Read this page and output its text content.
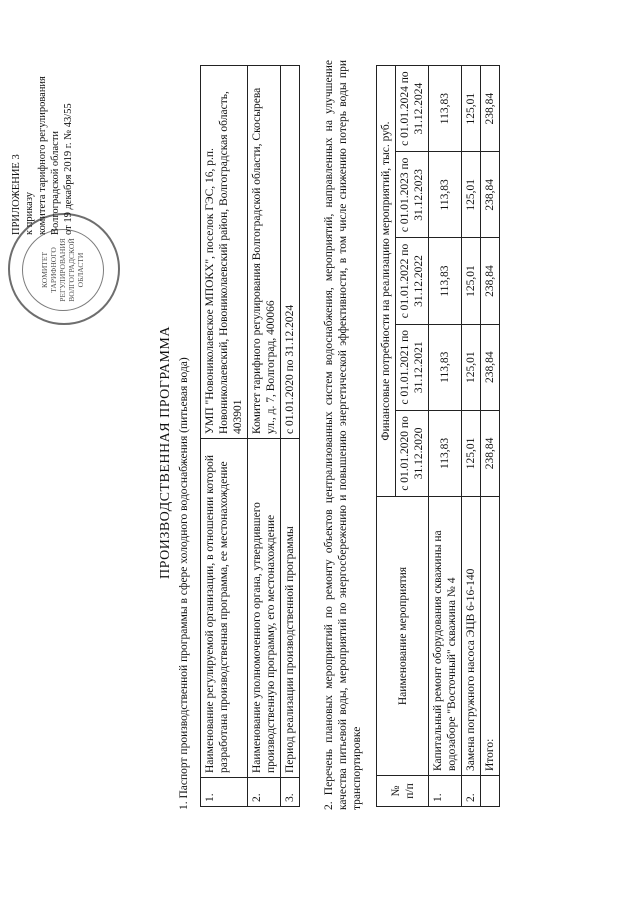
КОМИТЕТ ТАРИФНОГО РЕГУЛИРОВАНИЯ ВОЛГОГРАДСКОЙ ОБЛАСТИ
ПРИЛОЖЕНИЕ 3 к приказу комитета тарифного регулирования Волгоградской области от 19 декабря 2019 г. № 43/55
ПРОИЗВОДСТВЕННАЯ ПРОГРАММА 1. Паспорт производственной программы в сфере холодного водоснабжения (питьевая вода) 1.	Наименование регулируемой организации, в отношении которой разработана производственная программа, ее местонахождение	УМП "Новониколаевское МПОКХ", поселок ГЭС, 16, р.п. Новониколаевский, Новониколаевский район, Волгоградская область, 403901
2.	Наименование уполномоченного органа, утвердившего производственную программу, его местонахождение	Комитет тарифного регулирования Волгоградской области, Скосырева ул., д. 7, Волгоград, 400066
3.	Период реализации производственной программы	с 01.01.2020 по 31.12.2024 2. Перечень плановых мероприятий по ремонту объектов централизованных систем водоснабжения, мероприятий, направленных на улучшение качества питьевой воды, мероприятий по энергосбережению и повышению энергетической эффективности, в том числе снижению потерь воды при транспортировке № п/п	Наименование мероприятия	Финансовые потребности на реализацию мероприятий, тыс. руб.				
		с 01.01.2020 по 31.12.2020	с 01.01.2021 по 31.12.2021	с 01.01.2022 по 31.12.2022	с 01.01.2023 по 31.12.2023	с 01.01.2024 по 31.12.2024
1.	Капитальный ремонт оборудования скважины на водозаборе "Восточный" скважина № 4	113,83	113,83	113,83	113,83	113,83
2.	Замена погружного насоса ЭЦВ 6-16-140	125,01	125,01	125,01	125,01	125,01
	Итого:	238,84	238,84	238,84	238,84	238,84
